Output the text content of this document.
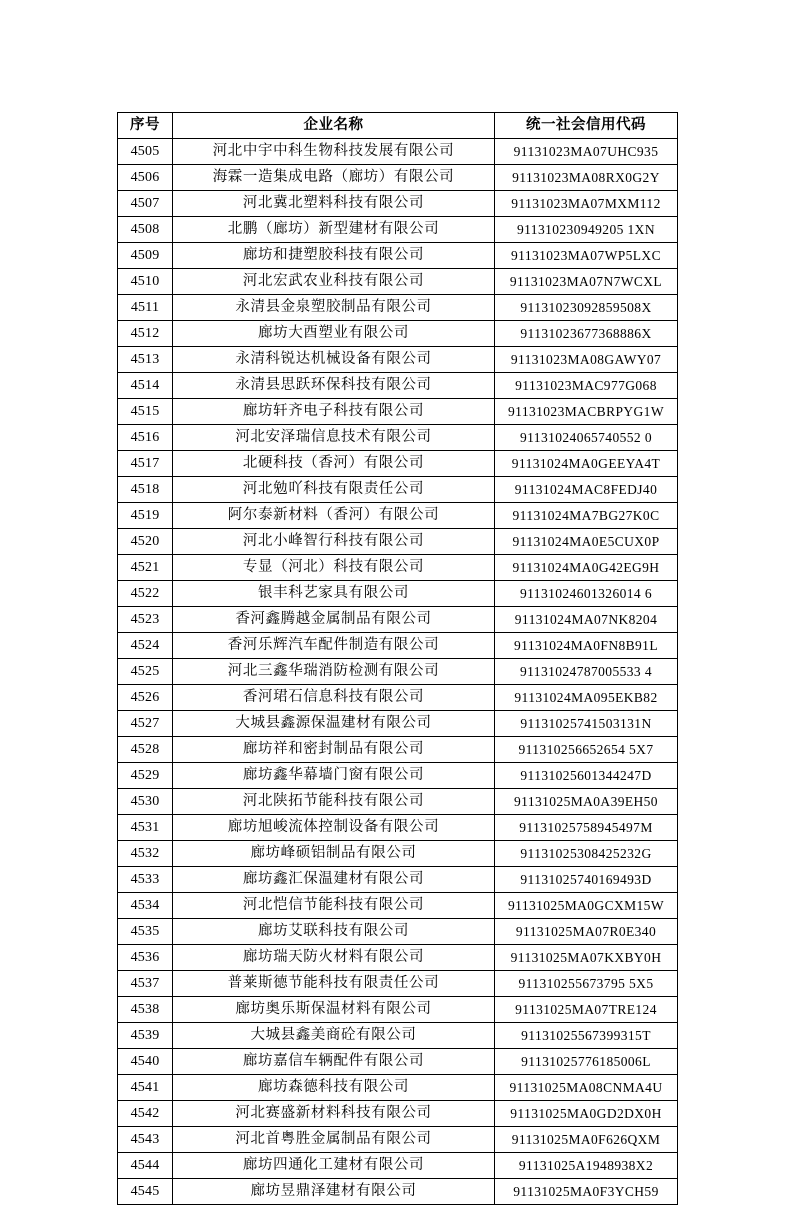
序号	企业名称	统一社会信用代码
4505	河北中宇中科生物科技发展有限公司	91131023MA07UHC935
4506	海霖一造集成电路（廊坊）有限公司	91131023MA08RX0G2Y
4507	河北冀北塑料科技有限公司	91131023MA07MXM112
4508	北鹏（廊坊）新型建材有限公司	911310230949205 1XN
4509	廊坊和捷塑胶科技有限公司	91131023MA07WP5LXC
4510	河北宏武农业科技有限公司	91131023MA07N7WCXL
4511	永清县金泉塑胶制品有限公司	91131023092859508X
4512	廊坊大酉塑业有限公司	91131023677368886X
4513	永清科锐达机械设备有限公司	91131023MA08GAWY07
4514	永清县思跃环保科技有限公司	91131023MAC977G068
4515	廊坊轩齐电子科技有限公司	91131023MACBRPYG1W
4516	河北安泽瑞信息技术有限公司	91131024065740552 0
4517	北硬科技（香河）有限公司	91131024MA0GEEYA4T
4518	河北勉吖科技有限责任公司	91131024MAC8FEDJ40
4519	阿尔泰新材料（香河）有限公司	91131024MA7BG27K0C
4520	河北小峰智行科技有限公司	91131024MA0E5CUX0P
4521	专显（河北）科技有限公司	91131024MA0G42EG9H
4522	银丰科艺家具有限公司	91131024601326014 6
4523	香河鑫腾越金属制品有限公司	91131024MA07NK8204
4524	香河乐辉汽车配件制造有限公司	91131024MA0FN8B91L
4525	河北三鑫华瑞消防检测有限公司	91131024787005533 4
4526	香河珺石信息科技有限公司	91131024MA095EKB82
4527	大城县鑫源保温建材有限公司	91131025741503131N
4528	廊坊祥和密封制品有限公司	911310256652654 5X7
4529	廊坊鑫华幕墙门窗有限公司	91131025601344247D
4530	河北陕拓节能科技有限公司	91131025MA0A39EH50
4531	廊坊旭峻流体控制设备有限公司	91131025758945497M
4532	廊坊峰硕铝制品有限公司	91131025308425232G
4533	廊坊鑫汇保温建材有限公司	91131025740169493D
4534	河北恺信节能科技有限公司	91131025MA0GCXM15W
4535	廊坊艾联科技有限公司	91131025MA07R0E340
4536	廊坊瑞天防火材料有限公司	91131025MA07KXBY0H
4537	普莱斯德节能科技有限责任公司	911310255673795 5X5
4538	廊坊奥乐斯保温材料有限公司	91131025MA07TRE124
4539	大城县鑫美商砼有限公司	91131025567399315T
4540	廊坊嘉信车辆配件有限公司	91131025776185006L
4541	廊坊森德科技有限公司	91131025MA08CNMA4U
4542	河北赛盛新材料科技有限公司	91131025MA0GD2DX0H
4543	河北首粤胜金属制品有限公司	91131025MA0F626QXM
4544	廊坊四通化工建材有限公司	91131025A1948938X2
4545	廊坊昱鼎泽建材有限公司	91131025MA0F3YCH59
